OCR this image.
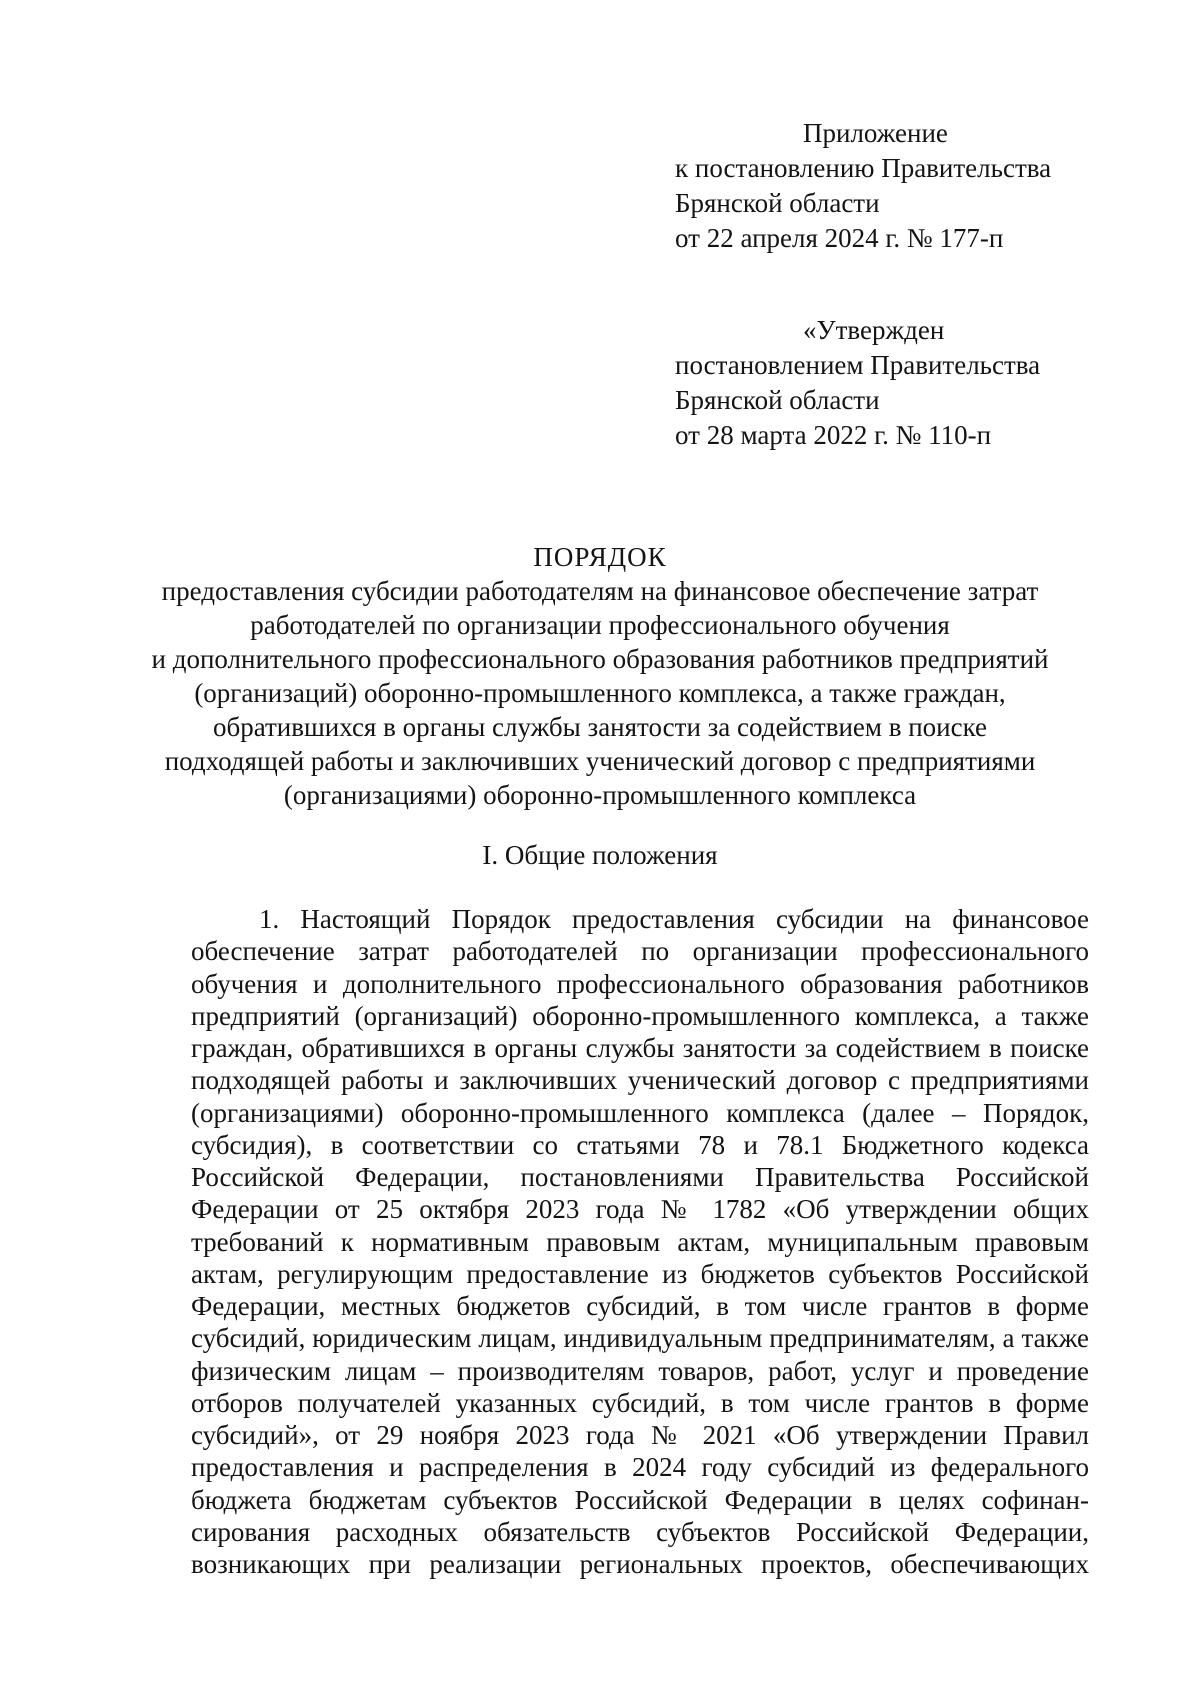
Приложение
к постановлению Правительства
Брянской области
от 22 апреля 2024 г. № 177-п
«Утвержден
постановлением Правительства
Брянской области
от 28 марта 2022 г. № 110-п
ПОРЯДОК
предоставления субсидии работодателям на финансовое обеспечение затрат
работодателей по организации профессионального обучения
и дополнительного профессионального образования работников предприятий
(организаций) оборонно-промышленного комплекса, а также граждан,
обратившихся в органы службы занятости за содействием в поиске
подходящей работы и заключивших ученический договор с предприятиями
(организациями) оборонно-промышленного комплекса
I. Общие положения
1. Настоящий Порядок предоставления субсидии на финансовое
обеспечение затрат работодателей по организации профессионального
обучения и дополнительного профессионального образования работников
предприятий (организаций) оборонно-промышленного комплекса, а также
граждан, обратившихся в органы службы занятости за содействием в поиске
подходящей работы и заключивших ученический договор с предприятиями
(организациями) оборонно-промышленного комплекса (далее – Порядок,
субсидия), в соответствии со статьями 78 и 78.1 Бюджетного кодекса
Российской Федерации, постановлениями Правительства Российской
Федерации от 25 октября 2023 года № 1782 «Об утверждении общих
требований к нормативным правовым актам, муниципальным правовым
актам, регулирующим предоставление из бюджетов субъектов Российской
Федерации, местных бюджетов субсидий, в том числе грантов в форме
субсидий, юридическим лицам, индивидуальным предпринимателям, а также
физическим лицам – производителям товаров, работ, услуг и проведение
отборов получателей указанных субсидий, в том числе грантов в форме
субсидий», от 29 ноября 2023 года № 2021 «Об утверждении Правил
предоставления и распределения в 2024 году субсидий из федерального
бюджета бюджетам субъектов Российской Федерации в целях софинан-
сирования расходных обязательств субъектов Российской Федерации,
возникающих при реализации региональных проектов, обеспечивающих
